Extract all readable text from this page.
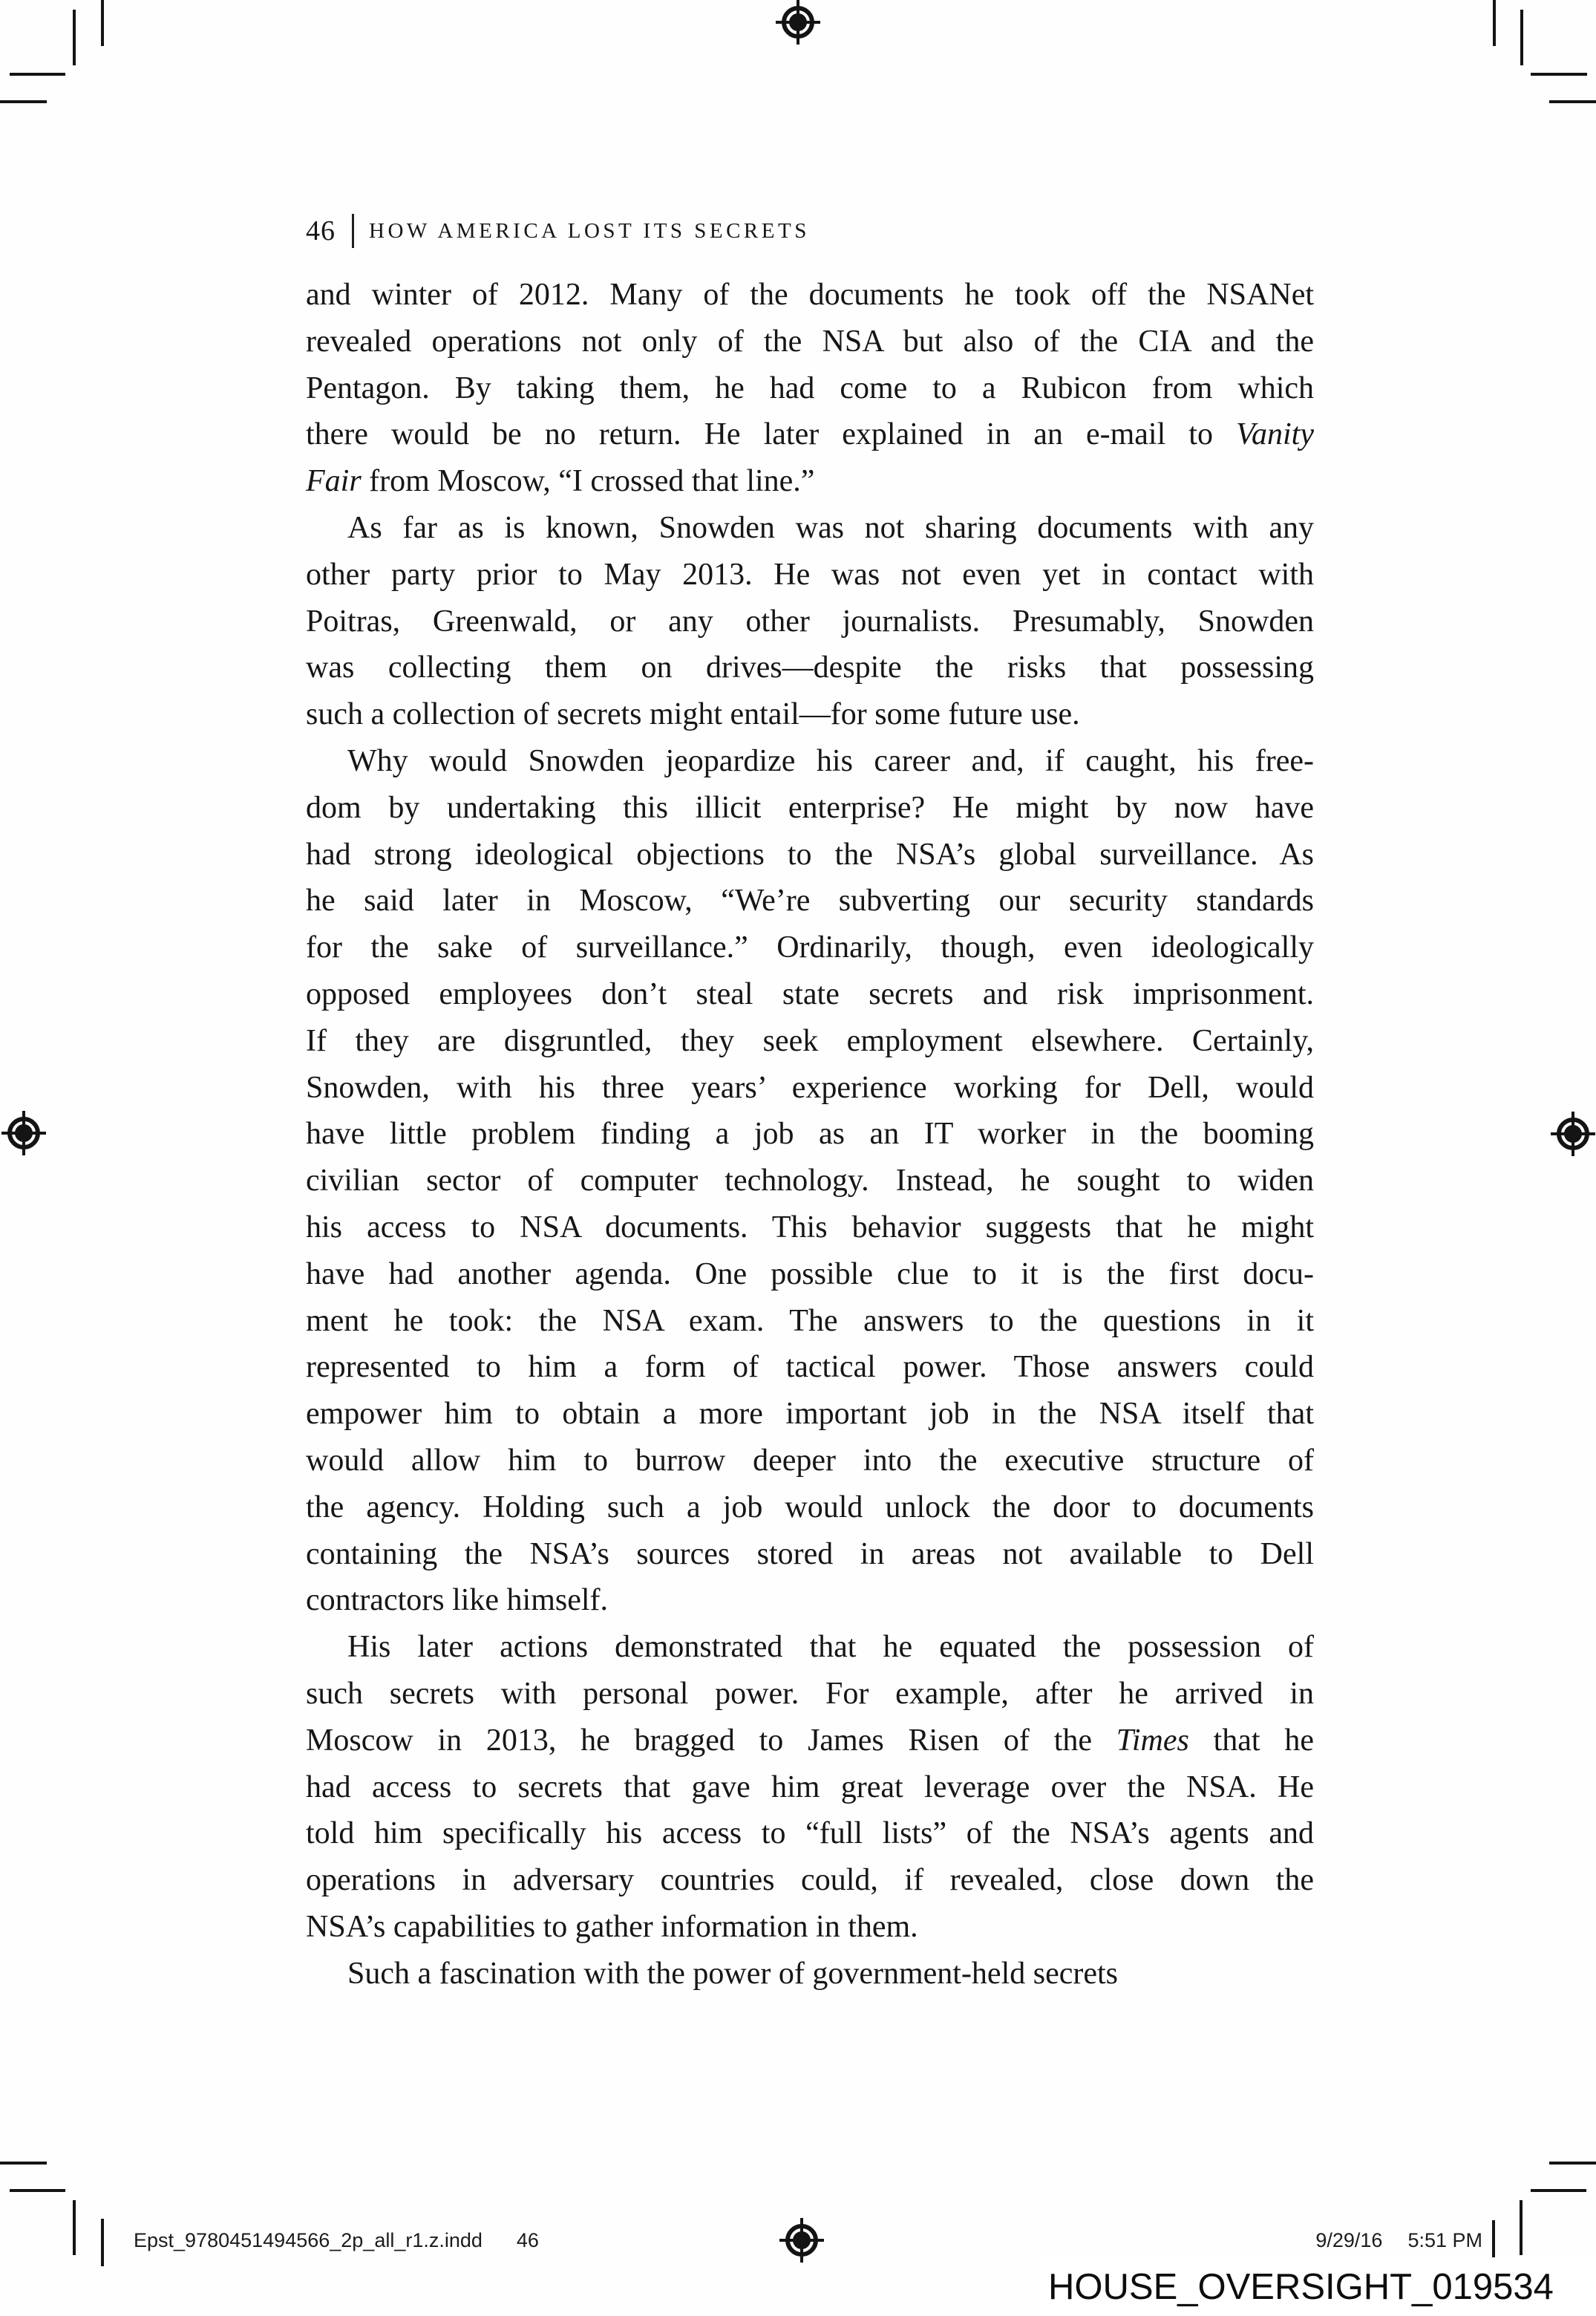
46 HOW AMERICA LOST ITS SECRETS
and winter of 2012. Many of the documents he took off the NSANet
revealed operations not only of the NSA but also of the CIA and the
Pentagon. By taking them, he had come to a Rubicon from which
there would be no return. He later explained in an e-mail to Vanity
Fair from Moscow, “I crossed that line.”
As far as is known, Snowden was not sharing documents with any
other party prior to May 2013. He was not even yet in contact with
Poitras, Greenwald, or any other journalists. Presumably, Snowden
was collecting them on drives—despite the risks that possessing
such a collection of secrets might entail—for some future use.
Why would Snowden jeopardize his career and, if caught, his free-
dom by undertaking this illicit enterprise? He might by now have
had strong ideological objections to the NSA’s global surveillance. As
he said later in Moscow, “We’re subverting our security standards
for the sake of surveillance.” Ordinarily, though, even ideologically
opposed employees don’t steal state secrets and risk imprisonment.
If they are disgruntled, they seek employment elsewhere. Certainly,
Snowden, with his three years’ experience working for Dell, would
have little problem finding a job as an IT worker in the booming
civilian sector of computer technology. Instead, he sought to widen
his access to NSA documents. This behavior suggests that he might
have had another agenda. One possible clue to it is the first docu-
ment he took: the NSA exam. The answers to the questions in it
represented to him a form of tactical power. Those answers could
empower him to obtain a more important job in the NSA itself that
would allow him to burrow deeper into the executive structure of
the agency. Holding such a job would unlock the door to documents
containing the NSA’s sources stored in areas not available to Dell
contractors like himself.
His later actions demonstrated that he equated the possession of
such secrets with personal power. For example, after he arrived in
Moscow in 2013, he bragged to James Risen of the Times that he
had access to secrets that gave him great leverage over the NSA. He
told him specifically his access to “full lists” of the NSA’s agents and
operations in adversary countries could, if revealed, close down the
NSA’s capabilities to gather information in them.
Such a fascination with the power of government-held secrets
Epst_9780451494566_2p_all_r1.z.indd 46	9/29/16 5:51 PM
HOUSE_OVERSIGHT_019534
